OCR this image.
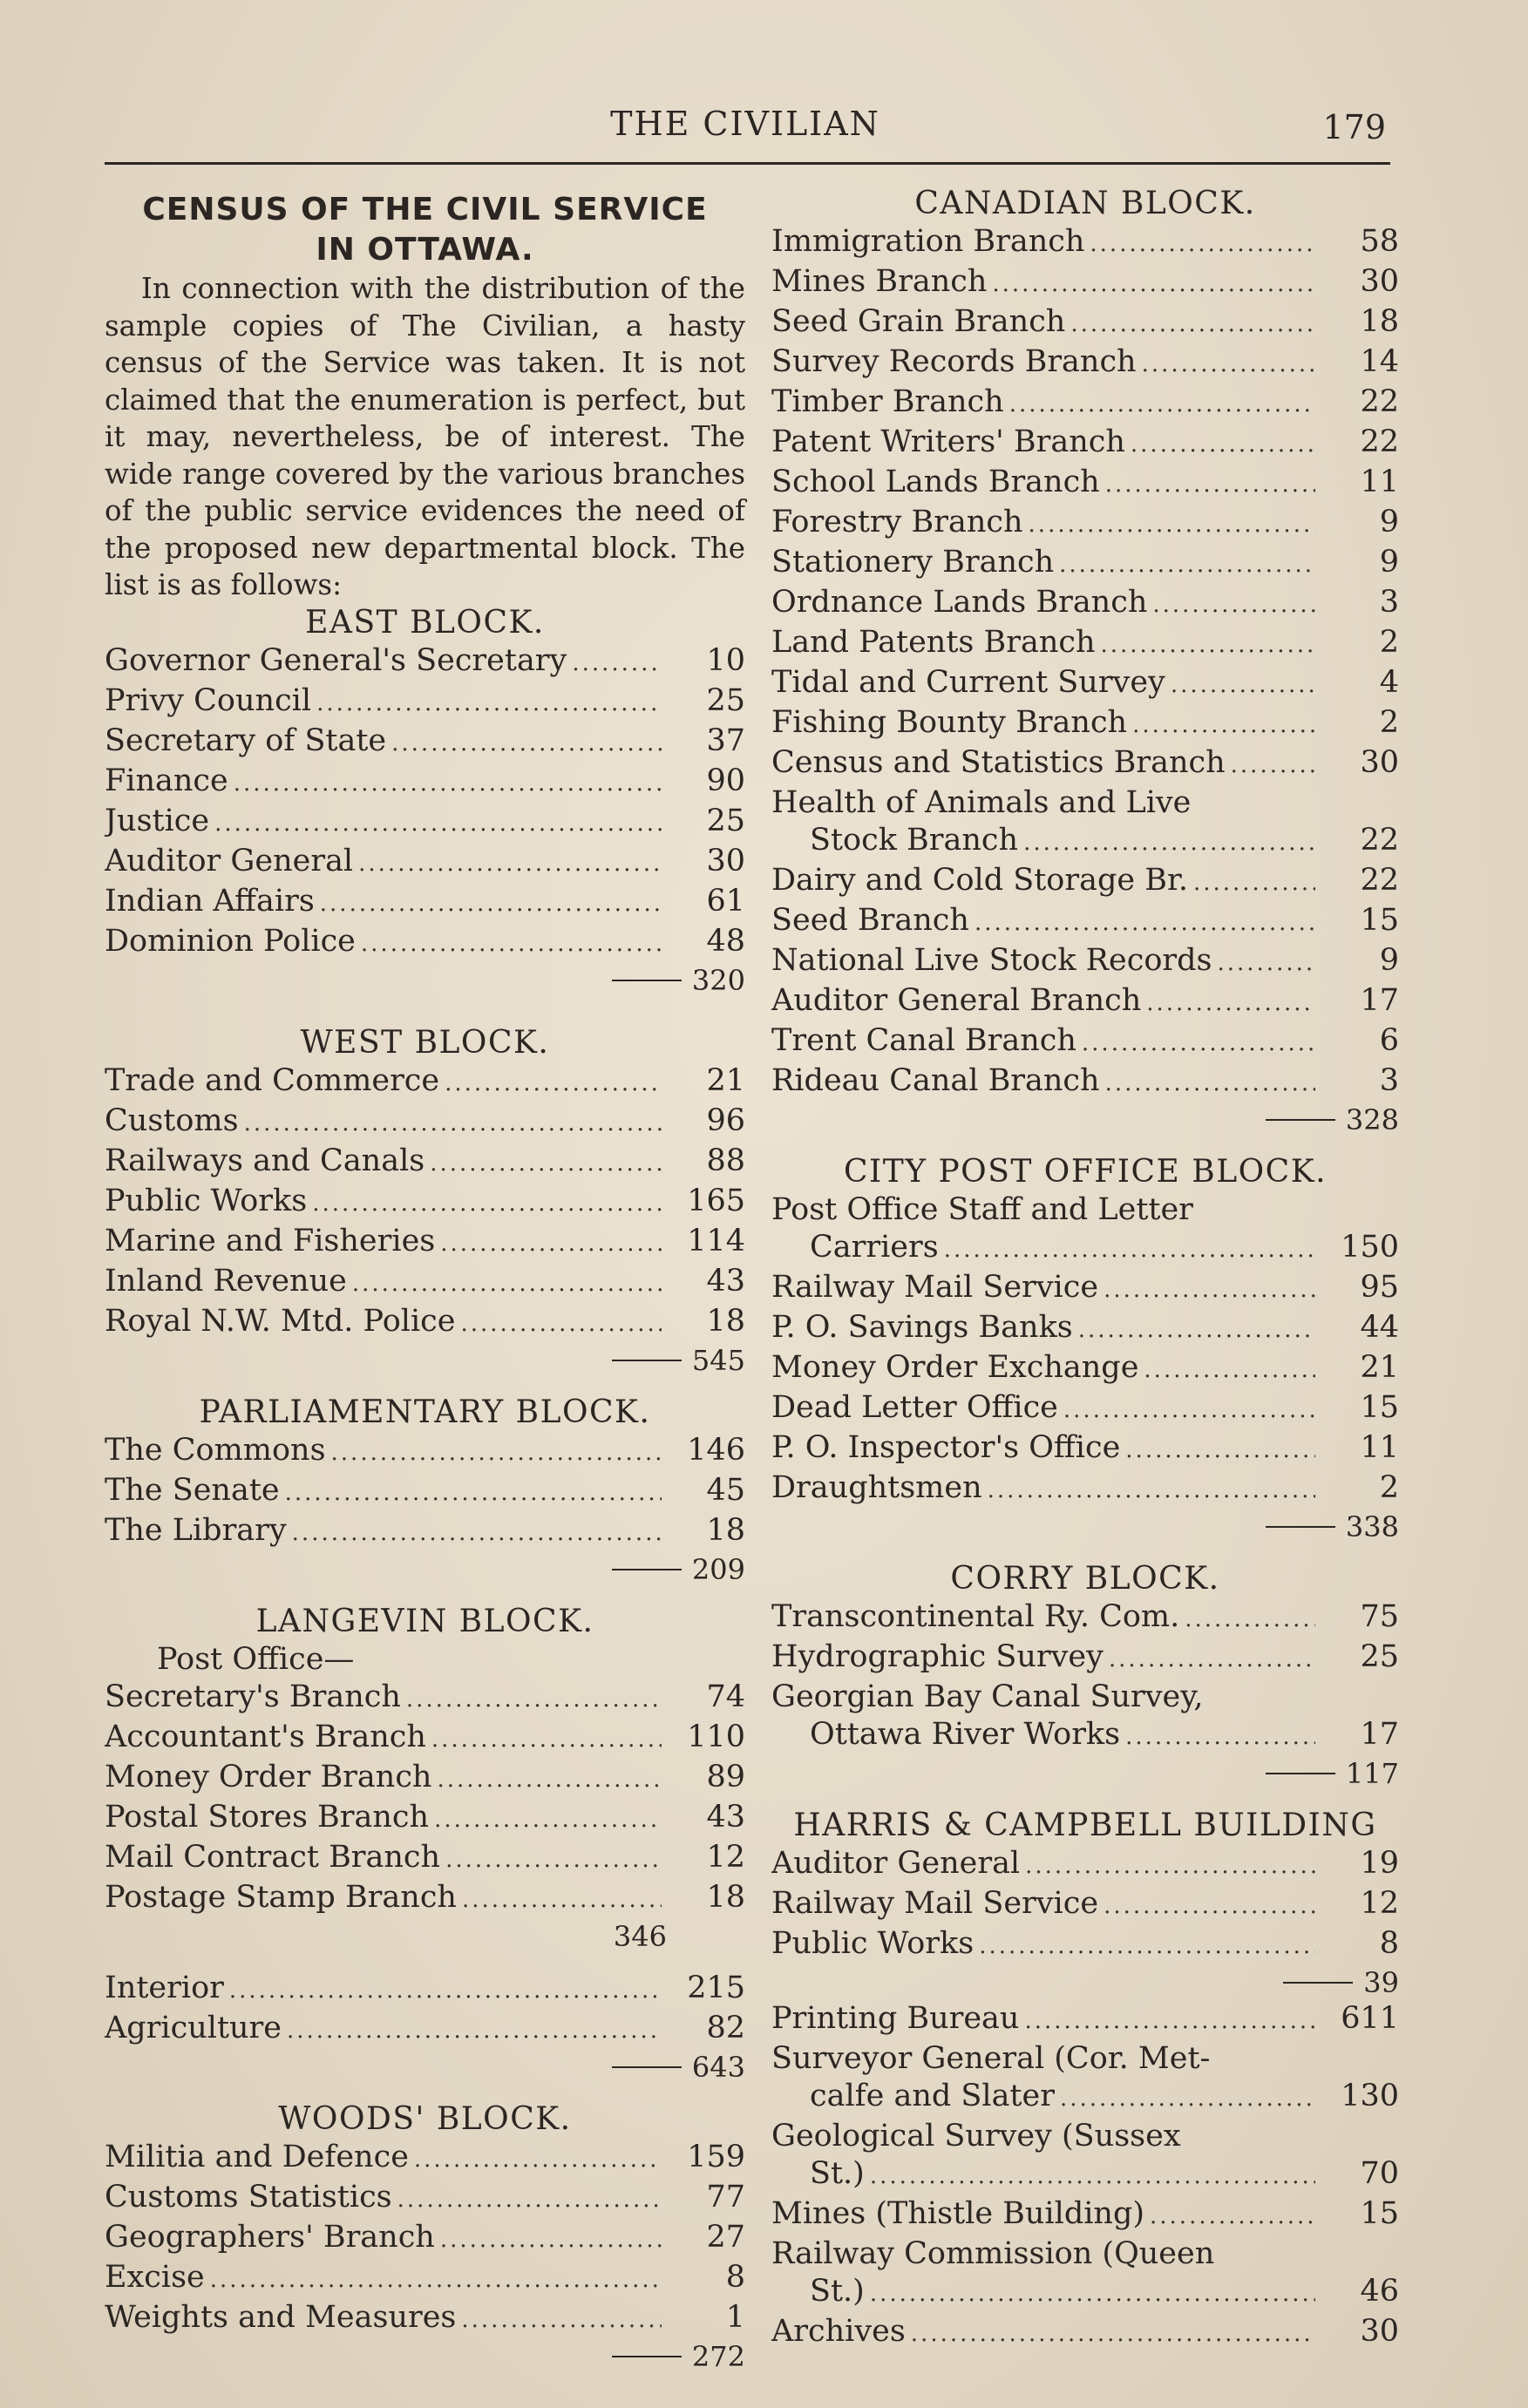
THE CIVILIAN	179
CENSUS OF THE CIVIL SERVICE
IN OTTAWA.

In connection with the distribution of the sample copies of The Civilian, a hasty census of the Service was taken. It is not claimed that the enumeration is perfect, but it may, nevertheless, be of interest. The wide range covered by the various branches of the public service evidences the need of the proposed new departmental block. The list is as follows:

EAST BLOCK.
Governor General's Secretary .....	10
Privy Council .....	25
Secretary of State .....	37
Finance .....	90
Justice .....	25
Auditor General .....	30
Indian Affairs .....	61
Dominion Police .....	48
320
WEST BLOCK.
Trade and Commerce .....	21
Customs .....	96
Railways and Canals .....	88
Public Works .....	165
Marine and Fisheries .....	114
Inland Revenue .....	43
Royal N.W. Mtd. Police .....	18
545
PARLIAMENTARY BLOCK.
The Commons .....	146
The Senate .....	45
The Library .....	18
209
LANGEVIN BLOCK.
Post Office—
Secretary's Branch .....	74
Accountant's Branch .....	110
Money Order Branch .....	89
Postal Stores Branch .....	43
Mail Contract Branch .....	12
Postage Stamp Branch .....	18
346
Interior .....	215
Agriculture .....	82
643
WOODS' BLOCK.
Militia and Defence .....	159
Customs Statistics .....	77
Geographers' Branch .....	27
Excise .....	8
Weights and Measures .....	1
272
CANADIAN BLOCK.
Immigration Branch .....	58
Mines Branch .....	30
Seed Grain Branch .....	18
Survey Records Branch .....	14
Timber Branch .....	22
Patent Writers' Branch .....	22
School Lands Branch .....	11
Forestry Branch .....	9
Stationery Branch .....	9
Ordnance Lands Branch .....	3
Land Patents Branch .....	2
Tidal and Current Survey .....	4
Fishing Bounty Branch .....	2
Census and Statistics Branch .....	30
Health of Animals and Live
Stock Branch .....	22
Dairy and Cold Storage Br. .....	22
Seed Branch .....	15
National Live Stock Records .....	9
Auditor General Branch .....	17
Trent Canal Branch .....	6
Rideau Canal Branch .....	3
328
CITY POST OFFICE BLOCK.
Post Office Staff and Letter
Carriers .....	150
Railway Mail Service .....	95
P. O. Savings Banks .....	44
Money Order Exchange .....	21
Dead Letter Office .....	15
P. O. Inspector's Office .....	11
Draughtsmen .....	2
338
CORRY BLOCK.
Transcontinental Ry. Com. .....	75
Hydrographic Survey .....	25
Georgian Bay Canal Survey,
Ottawa River Works .....	17
117
HARRIS & CAMPBELL BUILDING
Auditor General .....	19
Railway Mail Service .....	12
Public Works .....	8
39
Printing Bureau .....	611
Surveyor General (Cor. Met-
calfe and Slater .....	130
Geological Survey (Sussex
St.) .....	70
Mines (Thistle Building) .....	15
Railway Commission (Queen
St.) .....	46
Archives .....	30
